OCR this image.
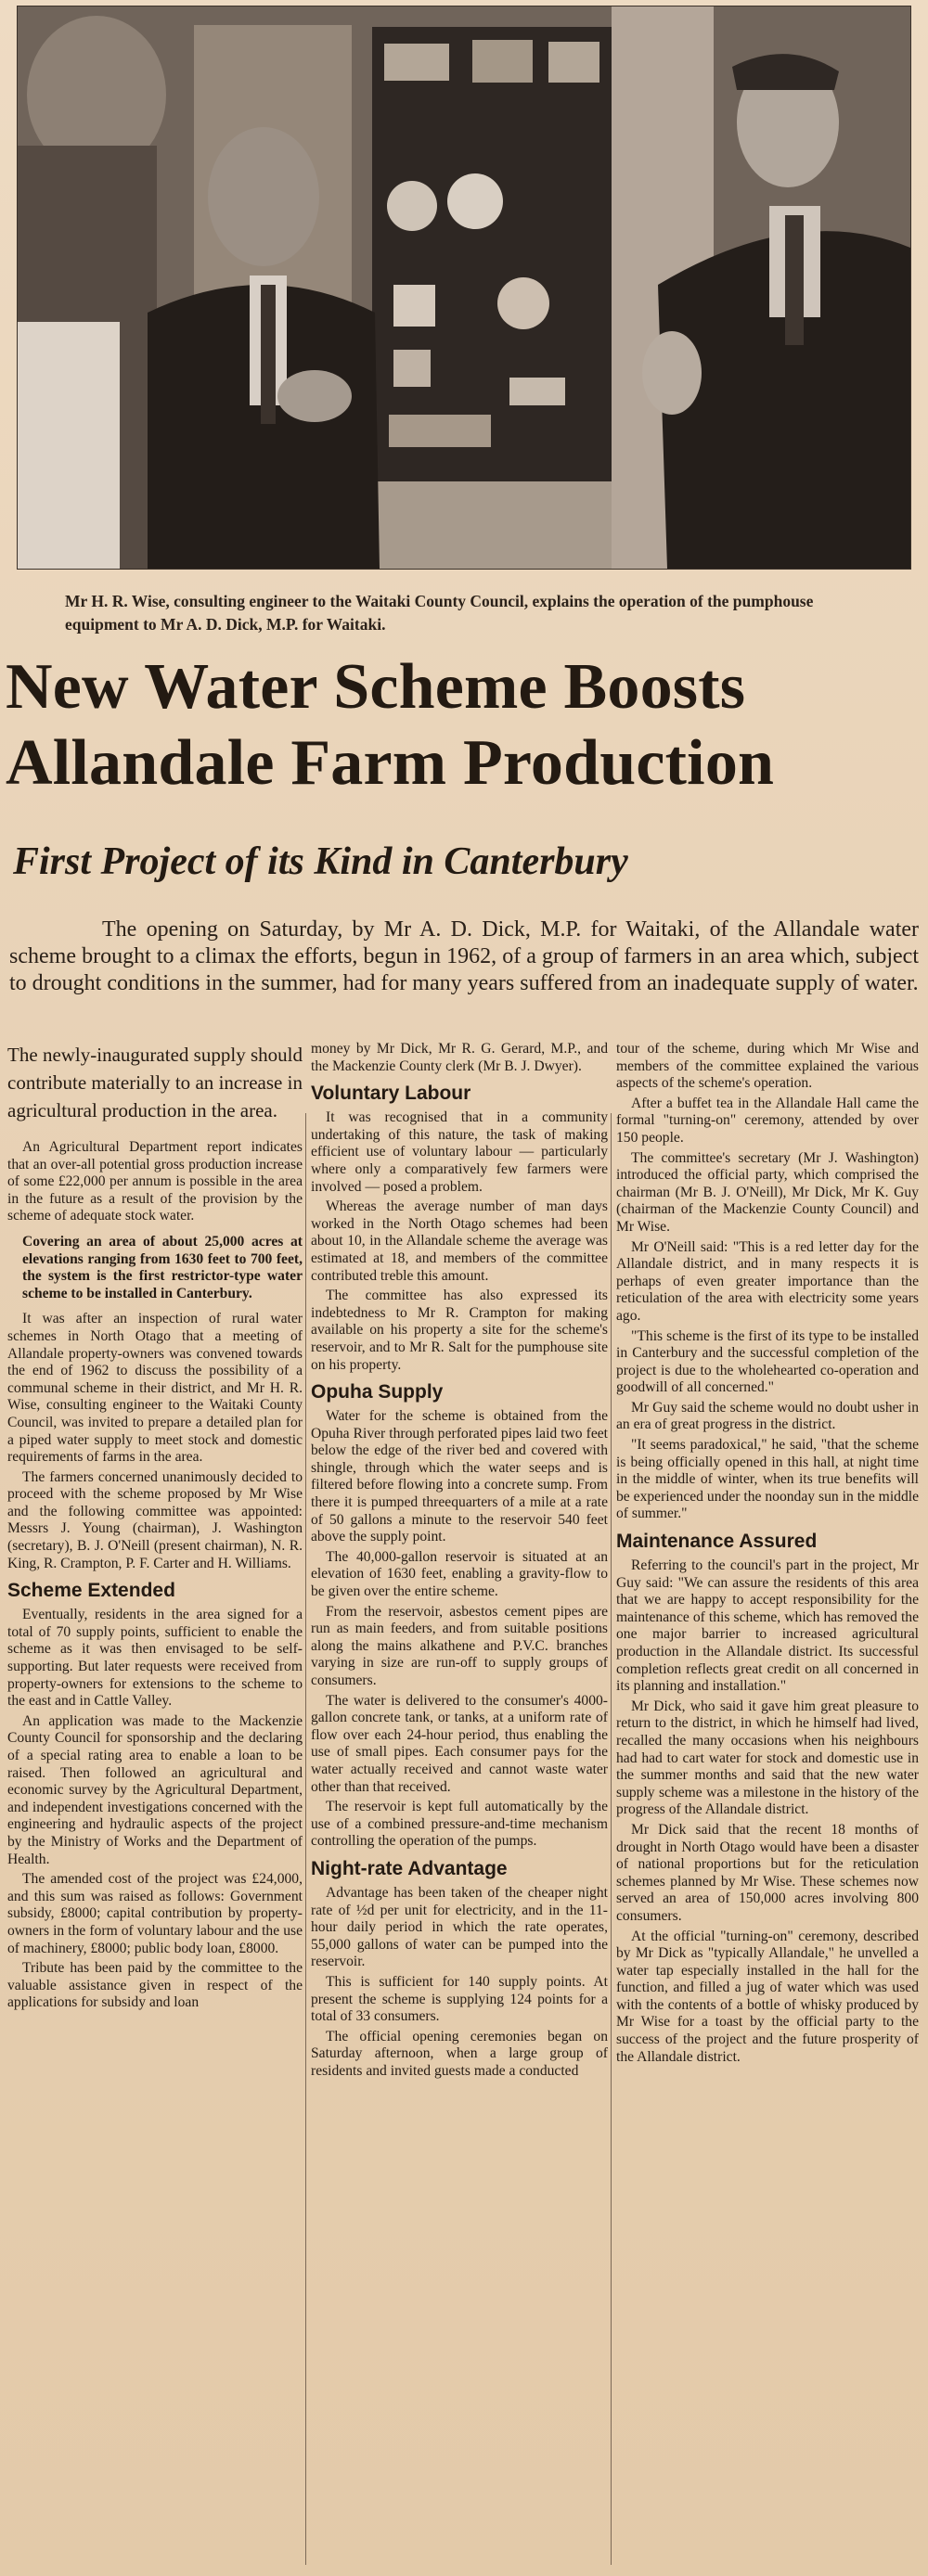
Mr H. R. Wise, consulting engineer to the Waitaki County Council, explains the operation of the pumphouse equipment to Mr A. D. Dick, M.P. for Waitaki.

New Water Scheme Boosts Allandale Farm Production
First Project of its Kind in Canterbury

The opening on Saturday, by Mr A. D. Dick, M.P. for Waitaki, of the Allandale water scheme brought to a climax the efforts, begun in 1962, of a group of farmers in an area which, subject to drought conditions in the summer, had for many years suffered from an inadequate supply of water.

The newly-inaugurated supply should contribute materially to an increase in agricultural production in the area.

An Agricultural Department report indicates that an over-all potential gross production increase of some £22,000 per annum is possible in the area in the future as a result of the provision by the scheme of adequate stock water.

Covering an area of about 25,000 acres at elevations ranging from 1630 feet to 700 feet, the system is the first restrictor-type water scheme to be installed in Canterbury.

It was after an inspection of rural water schemes in North Otago that a meeting of Allandale property-owners was convened towards the end of 1962 to discuss the possibility of a communal scheme in their district, and Mr H. R. Wise, consulting engineer to the Waitaki County Council, was invited to prepare a detailed plan for a piped water supply to meet stock and domestic requirements of farms in the area.

The farmers concerned unanimously decided to proceed with the scheme proposed by Mr Wise and the following committee was appointed: Messrs J. Young (chairman), J. Washington (secretary), B. J. O'Neill (present chairman), N. R. King, R. Crampton, P. F. Carter and H. Williams.

Scheme Extended

Eventually, residents in the area signed for a total of 70 supply points, sufficient to enable the scheme as it was then envisaged to be self-supporting. But later requests were received from property-owners for extensions to the scheme to the east and in Cattle Valley.

An application was made to the Mackenzie County Council for sponsorship and the declaring of a special rating area to enable a loan to be raised. Then followed an agricultural and economic survey by the Agricultural Department, and independent investigations concerned with the engineering and hydraulic aspects of the project by the Ministry of Works and the Department of Health.

The amended cost of the project was £24,000, and this sum was raised as follows: Government subsidy, £8000; capital contribution by property-owners in the form of voluntary labour and the use of machinery, £8000; public body loan, £8000.

Tribute has been paid by the committee to the valuable assistance given in respect of the applications for subsidy and loan

money by Mr Dick, Mr R. G. Gerard, M.P., and the Mackenzie County clerk (Mr B. J. Dwyer).

Voluntary Labour

It was recognised that in a community undertaking of this nature, the task of making efficient use of voluntary labour — particularly where only a comparatively few farmers were involved — posed a problem.

Whereas the average number of man days worked in the North Otago schemes had been about 10, in the Allandale scheme the average was estimated at 18, and members of the committee contributed treble this amount.

The committee has also expressed its indebtedness to Mr R. Crampton for making available on his property a site for the scheme's reservoir, and to Mr R. Salt for the pumphouse site on his property.

Opuha Supply

Water for the scheme is obtained from the Opuha River through perforated pipes laid two feet below the edge of the river bed and covered with shingle, through which the water seeps and is filtered before flowing into a concrete sump. From there it is pumped threequarters of a mile at a rate of 50 gallons a minute to the reservoir 540 feet above the supply point.

The 40,000-gallon reservoir is situated at an elevation of 1630 feet, enabling a gravity-flow to be given over the entire scheme.

From the reservoir, asbestos cement pipes are run as main feeders, and from suitable positions along the mains alkathene and P.V.C. branches varying in size are run-off to supply groups of consumers.

The water is delivered to the consumer's 4000-gallon concrete tank, or tanks, at a uniform rate of flow over each 24-hour period, thus enabling the use of small pipes. Each consumer pays for the water actually received and cannot waste water other than that received.

The reservoir is kept full automatically by the use of a combined pressure-and-time mechanism controlling the operation of the pumps.

Night-rate Advantage

Advantage has been taken of the cheaper night rate of ½d per unit for electricity, and in the 11-hour daily period in which the rate operates, 55,000 gallons of water can be pumped into the reservoir.

This is sufficient for 140 supply points. At present the scheme is supplying 124 points for a total of 33 consumers.

The official opening ceremonies began on Saturday afternoon, when a large group of residents and invited guests made a conducted

tour of the scheme, during which Mr Wise and members of the committee explained the various aspects of the scheme's operation.

After a buffet tea in the Allandale Hall came the formal "turning-on" ceremony, attended by over 150 people.

The committee's secretary (Mr J. Washington) introduced the official party, which comprised the chairman (Mr B. J. O'Neill), Mr Dick, Mr K. Guy (chairman of the Mackenzie County Council) and Mr Wise.

Mr O'Neill said: "This is a red letter day for the Allandale district, and in many respects it is perhaps of even greater importance than the reticulation of the area with electricity some years ago.

"This scheme is the first of its type to be installed in Canterbury and the successful completion of the project is due to the wholehearted co-operation and goodwill of all concerned."

Mr Guy said the scheme would no doubt usher in an era of great progress in the district.

"It seems paradoxical," he said, "that the scheme is being officially opened in this hall, at night time in the middle of winter, when its true benefits will be experienced under the noonday sun in the middle of summer."

Maintenance Assured

Referring to the council's part in the project, Mr Guy said: "We can assure the residents of this area that we are happy to accept responsibility for the maintenance of this scheme, which has removed the one major barrier to increased agricultural production in the Allandale district. Its successful completion reflects great credit on all concerned in its planning and installation."

Mr Dick, who said it gave him great pleasure to return to the district, in which he himself had lived, recalled the many occasions when his neighbours had had to cart water for stock and domestic use in the summer months and said that the new water supply scheme was a milestone in the history of the progress of the Allandale district.

Mr Dick said that the recent 18 months of drought in North Otago would have been a disaster of national proportions but for the reticulation schemes planned by Mr Wise. These schemes now served an area of 150,000 acres involving 800 consumers.

At the official "turning-on" ceremony, described by Mr Dick as "typically Allandale," he unvelled a water tap especially installed in the hall for the function, and filled a jug of water which was used with the contents of a bottle of whisky produced by Mr Wise for a toast by the official party to the success of the project and the future prosperity of the Allandale district.
